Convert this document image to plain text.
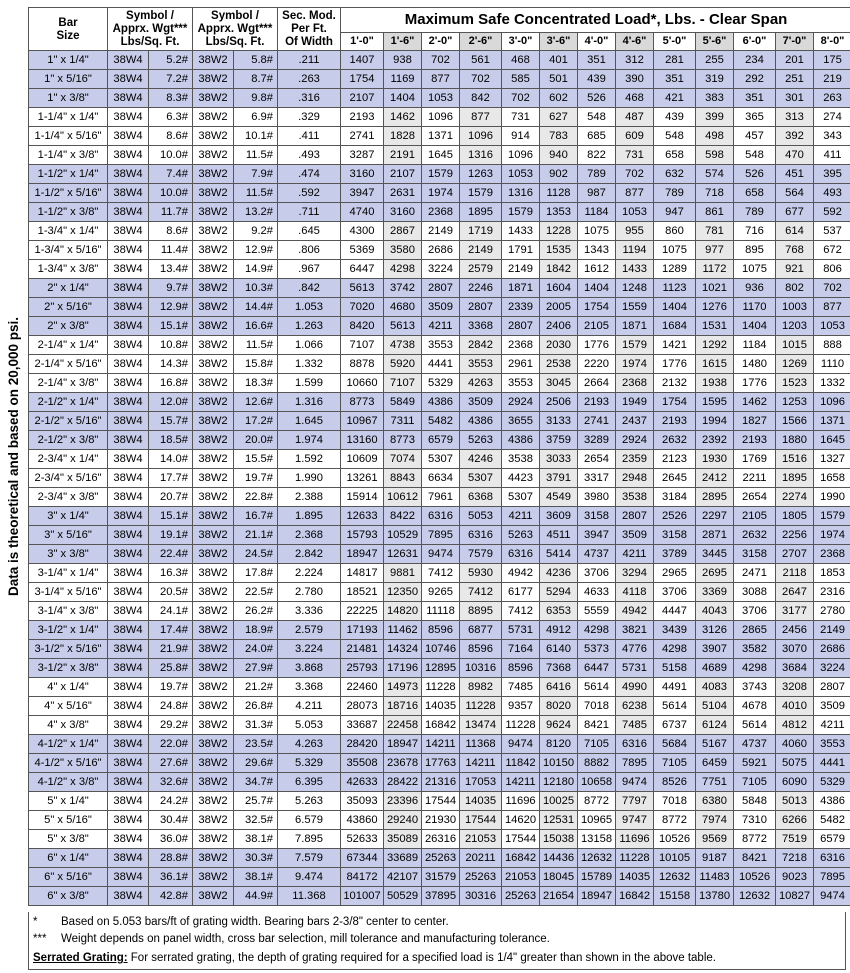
Data is theoretical and based on 20,000 psi.
Bar
Size	Symbol /
Apprx. Wgt***
Lbs/Sq. Ft.		Symbol /
Apprx. Wgt***
Lbs/Sq. Ft.		Sec. Mod.
Per Ft.
Of Width	Maximum Safe Concentrated Load*, Lbs. - Clear Span												
						1'-0"	1'-6"	2'-0"	2'-6"	3'-0"	3'-6"	4'-0"	4'-6"	5'-0"	5'-6"	6'-0"	7'-0"	8'-0"
1" x 1/4"	38W4	5.2#	38W2	5.8#	.211	1407	938	702	561	468	401	351	312	281	255	234	201	175
1" x 5/16"	38W4	7.2#	38W2	8.7#	.263	1754	1169	877	702	585	501	439	390	351	319	292	251	219
1" x 3/8"	38W4	8.3#	38W2	9.8#	.316	2107	1404	1053	842	702	602	526	468	421	383	351	301	263
1-1/4" x 1/4"	38W4	6.3#	38W2	6.9#	.329	2193	1462	1096	877	731	627	548	487	439	399	365	313	274
1-1/4" x 5/16"	38W4	8.6#	38W2	10.1#	.411	2741	1828	1371	1096	914	783	685	609	548	498	457	392	343
1-1/4" x 3/8"	38W4	10.0#	38W2	11.5#	.493	3287	2191	1645	1316	1096	940	822	731	658	598	548	470	411
1-1/2" x 1/4"	38W4	7.4#	38W2	7.9#	.474	3160	2107	1579	1263	1053	902	789	702	632	574	526	451	395
1-1/2" x 5/16"	38W4	10.0#	38W2	11.5#	.592	3947	2631	1974	1579	1316	1128	987	877	789	718	658	564	493
1-1/2" x 3/8"	38W4	11.7#	38W2	13.2#	.711	4740	3160	2368	1895	1579	1353	1184	1053	947	861	789	677	592
1-3/4" x 1/4"	38W4	8.6#	38W2	9.2#	.645	4300	2867	2149	1719	1433	1228	1075	955	860	781	716	614	537
1-3/4" x 5/16"	38W4	11.4#	38W2	12.9#	.806	5369	3580	2686	2149	1791	1535	1343	1194	1075	977	895	768	672
1-3/4" x 3/8"	38W4	13.4#	38W2	14.9#	.967	6447	4298	3224	2579	2149	1842	1612	1433	1289	1172	1075	921	806
2" x 1/4"	38W4	9.7#	38W2	10.3#	.842	5613	3742	2807	2246	1871	1604	1404	1248	1123	1021	936	802	702
2" x 5/16"	38W4	12.9#	38W2	14.4#	1.053	7020	4680	3509	2807	2339	2005	1754	1559	1404	1276	1170	1003	877
2" x 3/8"	38W4	15.1#	38W2	16.6#	1.263	8420	5613	4211	3368	2807	2406	2105	1871	1684	1531	1404	1203	1053
2-1/4" x 1/4"	38W4	10.8#	38W2	11.5#	1.066	7107	4738	3553	2842	2368	2030	1776	1579	1421	1292	1184	1015	888
2-1/4" x 5/16"	38W4	14.3#	38W2	15.8#	1.332	8878	5920	4441	3553	2961	2538	2220	1974	1776	1615	1480	1269	1110
2-1/4" x 3/8"	38W4	16.8#	38W2	18.3#	1.599	10660	7107	5329	4263	3553	3045	2664	2368	2132	1938	1776	1523	1332
2-1/2" x 1/4"	38W4	12.0#	38W2	12.6#	1.316	8773	5849	4386	3509	2924	2506	2193	1949	1754	1595	1462	1253	1096
2-1/2" x 5/16"	38W4	15.7#	38W2	17.2#	1.645	10967	7311	5482	4386	3655	3133	2741	2437	2193	1994	1827	1566	1371
2-1/2" x 3/8"	38W4	18.5#	38W2	20.0#	1.974	13160	8773	6579	5263	4386	3759	3289	2924	2632	2392	2193	1880	1645
2-3/4" x 1/4"	38W4	14.0#	38W2	15.5#	1.592	10609	7074	5307	4246	3538	3033	2654	2359	2123	1930	1769	1516	1327
2-3/4" x 5/16"	38W4	17.7#	38W2	19.7#	1.990	13261	8843	6634	5307	4423	3791	3317	2948	2645	2412	2211	1895	1658
2-3/4" x 3/8"	38W4	20.7#	38W2	22.8#	2.388	15914	10612	7961	6368	5307	4549	3980	3538	3184	2895	2654	2274	1990
3" x 1/4"	38W4	15.1#	38W2	16.7#	1.895	12633	8422	6316	5053	4211	3609	3158	2807	2526	2297	2105	1805	1579
3" x 5/16"	38W4	19.1#	38W2	21.1#	2.368	15793	10529	7895	6316	5263	4511	3947	3509	3158	2871	2632	2256	1974
3" x 3/8"	38W4	22.4#	38W2	24.5#	2.842	18947	12631	9474	7579	6316	5414	4737	4211	3789	3445	3158	2707	2368
3-1/4" x 1/4"	38W4	16.3#	38W2	17.8#	2.224	14817	9881	7412	5930	4942	4236	3706	3294	2965	2695	2471	2118	1853
3-1/4" x 5/16"	38W4	20.5#	38W2	22.5#	2.780	18521	12350	9265	7412	6177	5294	4633	4118	3706	3369	3088	2647	2316
3-1/4" x 3/8"	38W4	24.1#	38W2	26.2#	3.336	22225	14820	11118	8895	7412	6353	5559	4942	4447	4043	3706	3177	2780
3-1/2" x 1/4"	38W4	17.4#	38W2	18.9#	2.579	17193	11462	8596	6877	5731	4912	4298	3821	3439	3126	2865	2456	2149
3-1/2" x 5/16"	38W4	21.9#	38W2	24.0#	3.224	21481	14324	10746	8596	7164	6140	5373	4776	4298	3907	3582	3070	2686
3-1/2" x 3/8"	38W4	25.8#	38W2	27.9#	3.868	25793	17196	12895	10316	8596	7368	6447	5731	5158	4689	4298	3684	3224
4" x 1/4"	38W4	19.7#	38W2	21.2#	3.368	22460	14973	11228	8982	7485	6416	5614	4990	4491	4083	3743	3208	2807
4" x 5/16"	38W4	24.8#	38W2	26.8#	4.211	28073	18716	14035	11228	9357	8020	7018	6238	5614	5104	4678	4010	3509
4" x 3/8"	38W4	29.2#	38W2	31.3#	5.053	33687	22458	16842	13474	11228	9624	8421	7485	6737	6124	5614	4812	4211
4-1/2" x 1/4"	38W4	22.0#	38W2	23.5#	4.263	28420	18947	14211	11368	9474	8120	7105	6316	5684	5167	4737	4060	3553
4-1/2" x 5/16"	38W4	27.6#	38W2	29.6#	5.329	35508	23678	17763	14211	11842	10150	8882	7895	7105	6459	5921	5075	4441
4-1/2" x 3/8"	38W4	32.6#	38W2	34.7#	6.395	42633	28422	21316	17053	14211	12180	10658	9474	8526	7751	7105	6090	5329
5" x 1/4"	38W4	24.2#	38W2	25.7#	5.263	35093	23396	17544	14035	11696	10025	8772	7797	7018	6380	5848	5013	4386
5" x 5/16"	38W4	30.4#	38W2	32.5#	6.579	43860	29240	21930	17544	14620	12531	10965	9747	8772	7974	7310	6266	5482
5" x 3/8"	38W4	36.0#	38W2	38.1#	7.895	52633	35089	26316	21053	17544	15038	13158	11696	10526	9569	8772	7519	6579
6" x 1/4"	38W4	28.8#	38W2	30.3#	7.579	67344	33689	25263	20211	16842	14436	12632	11228	10105	9187	8421	7218	6316
6" x 5/16"	38W4	36.1#	38W2	38.1#	9.474	84172	42107	31579	25263	21053	18045	15789	14035	12632	11483	10526	9023	7895
6" x 3/8"	38W4	42.8#	38W2	44.9#	11.368	101007	50529	37895	30316	25263	21654	18947	16842	15158	13780	12632	10827	9474
*	Based on 5.053 bars/ft of grating width. Bearing bars 2-3/8" center to center.
***	Weight depends on panel width, cross bar selection, mill tolerance and manufacturing tolerance.
Serrated Grating: For serrated grating, the depth of grating required for a specified load is 1/4" greater than shown in the above table.
